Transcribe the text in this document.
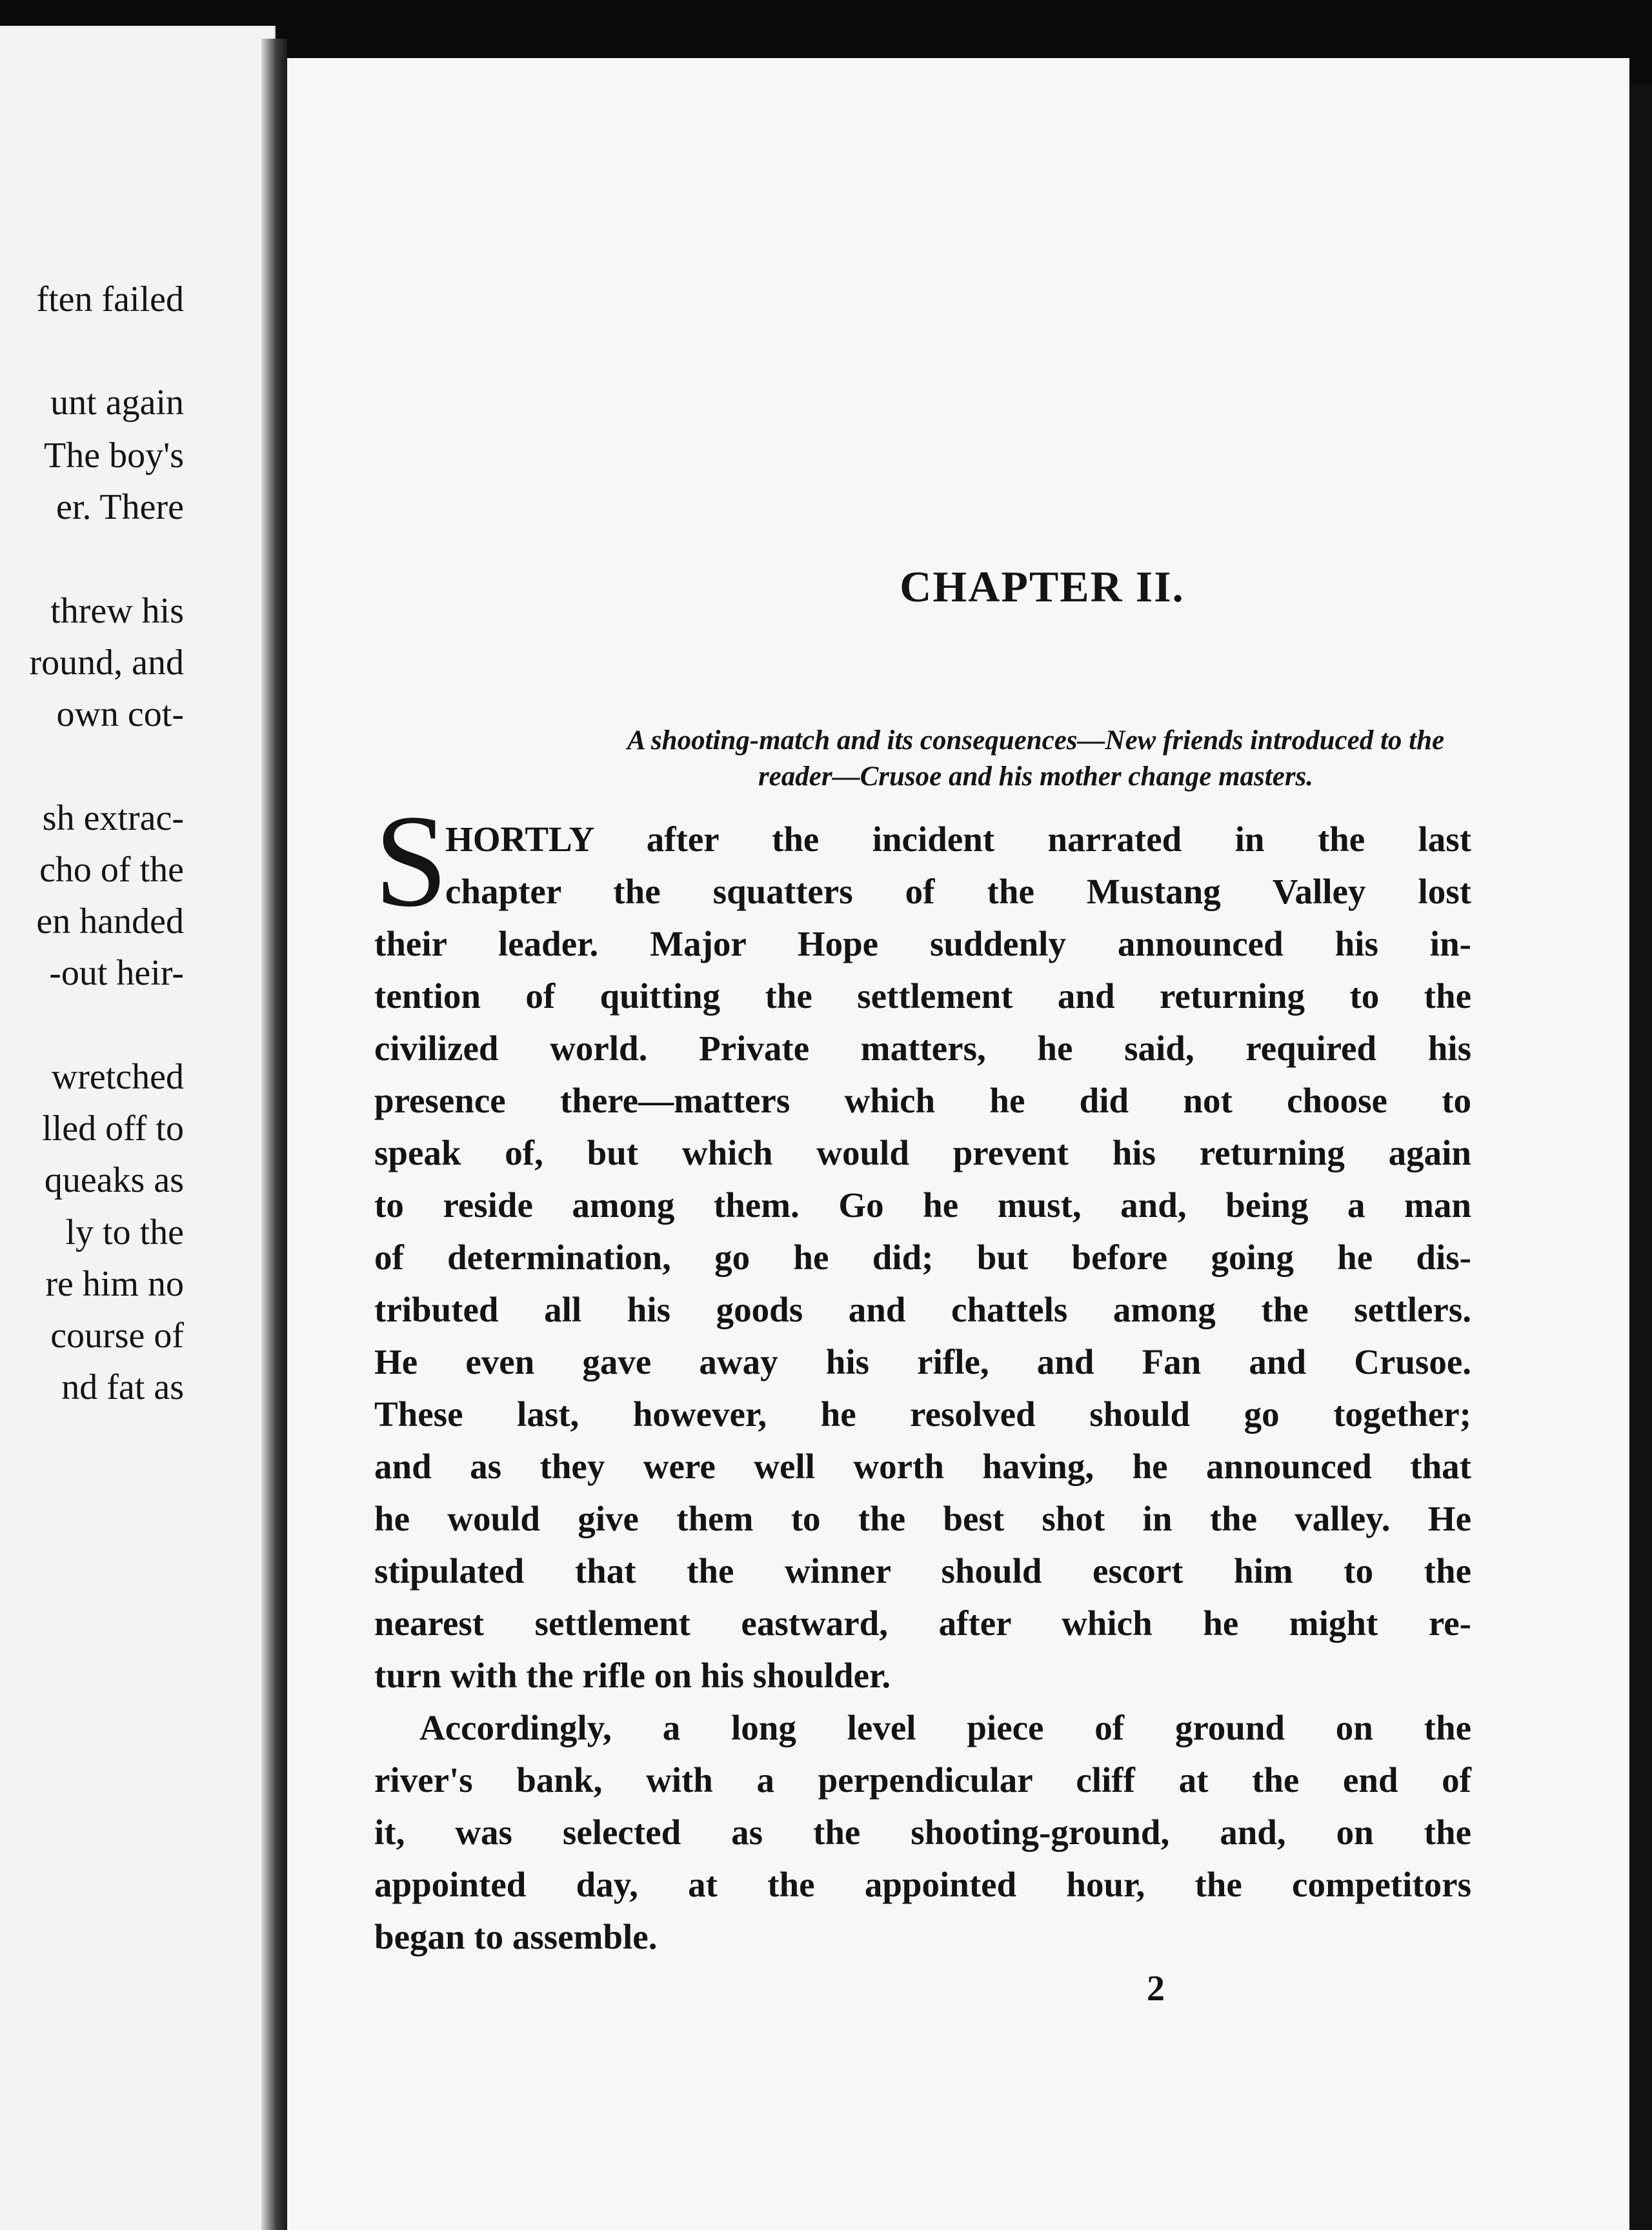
ften failed
unt again
The boy's
er. There
threw his
round, and
own cot-
sh extrac-
cho of the
en handed
-out heir-
wretched
lled off to
queaks as
ly to the
re him no
course of
nd fat as
CHAPTER II.
A shooting-match and its consequences—New friends introduced to the
reader—Crusoe and his mother change masters.
S
HORTLY after the incident narrated in the last
chapter the squatters of the Mustang Valley lost
their leader. Major Hope suddenly announced his in-
tention of quitting the settlement and returning to the
civilized world. Private matters, he said, required his
presence there—matters which he did not choose to
speak of, but which would prevent his returning again
to reside among them. Go he must, and, being a man
of determination, go he did; but before going he dis-
tributed all his goods and chattels among the settlers.
He even gave away his rifle, and Fan and Crusoe.
These last, however, he resolved should go together;
and as they were well worth having, he announced that
he would give them to the best shot in the valley. He
stipulated that the winner should escort him to the
nearest settlement eastward, after which he might re-
turn with the rifle on his shoulder.
Accordingly, a long level piece of ground on the
river's bank, with a perpendicular cliff at the end of
it, was selected as the shooting-ground, and, on the
appointed day, at the appointed hour, the competitors
began to assemble.
2
